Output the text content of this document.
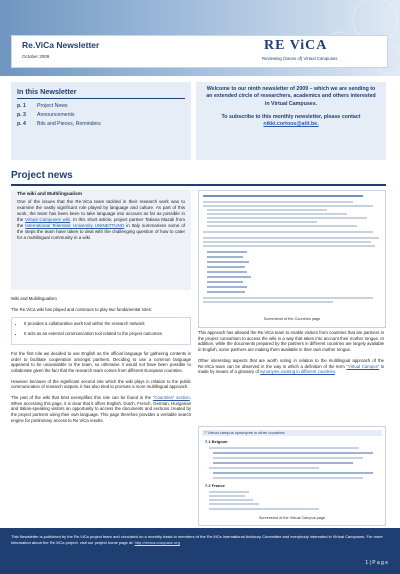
Re.ViCa Newsletter
October 2009
RE ViCA
Reviewing (traces of) Virtual Campuses
In this Newsletter
p. 1 Project News
p. 3 Announcements
p. 4 Bits and Pieces, Reminders
Welcome to our ninth newsletter of 2009 – which we are sending to an extended circle of researchers, academics and others interested in Virtual Campuses.
To subscribe to this monthly newsletter, please contact nikki.cortoos@atit.be.
Project news
The wiki and Multilingualism
One of the issues that the Re.ViCa team tackled in their research work was to examine the vastly significant role played by language and culture. As part of this work, the team has been keen to take language into account as far as possible in the Virtual Campuses wiki. In this short article, project partner Tatiana Mazali from the International Telematic University UNINETTUNO in Italy summarises some of the steps the team have taken to deal with the challenging question of how to cater for a multilingual community in a wiki.

Wiki and Multilingualism

The Re.ViCa wiki has played and continues to play two fundamental roles:

• It provides a collaborative work tool within the research network
• It acts as an external communication tool related to the project outcomes

For the first role we decided to use English as the official language for gathering contents in order to facilitate cooperation amongst partners. Deciding to use a common language appeared to be unavoidable to the team, so otherwise it would not have been possible to collaborate given the fact that the research team comes from different European countries.

However because of the significant second role which the wiki plays in relation to the public communication of research outputs, it has also tried to promote a more multilingual approach.

The part of the wiki that best exemplifies this role can be found in the "Countries" section. When accessing this page, it is clear that it offers English, Dutch, French, German, Hungarian and Italian-speaking visitors an opportunity to access the documents and sections created by the project partners using their own language. This page therefore provides a veritable search engine for preliminary access to Re.ViCa results.

Screenshot of the Countries page

This approach has allowed the Re.ViCa team to enable visitors from countries that are partners in the project consortium to access the wiki in a way that takes into account their mother tongue. In addition, while the documents prepared by the partners in different countries are largely available in English, some partners are making them available in their own mother tongue.

Other interesting aspects that are worth noting in relation to the multilingual approach of the Re.ViCa team can be observed in the way in which a definition of the term "Virtual Campus" is made by means of a glossary of synonyms existing in different countries.

7 Virtual campus synonyms in other countries
7.1 Belgium
7.2 France
Screenshot of the Virtual Campus page
This Newsletter is published by the Re.ViCa project team and circulated on a monthly basis to members of the Re.ViCa International Advisory Committee and everybody interested in Virtual Campuses. For more information about the Re.ViCa project, visit our project home page at: http://revica.europace.org
1 | P a g e
